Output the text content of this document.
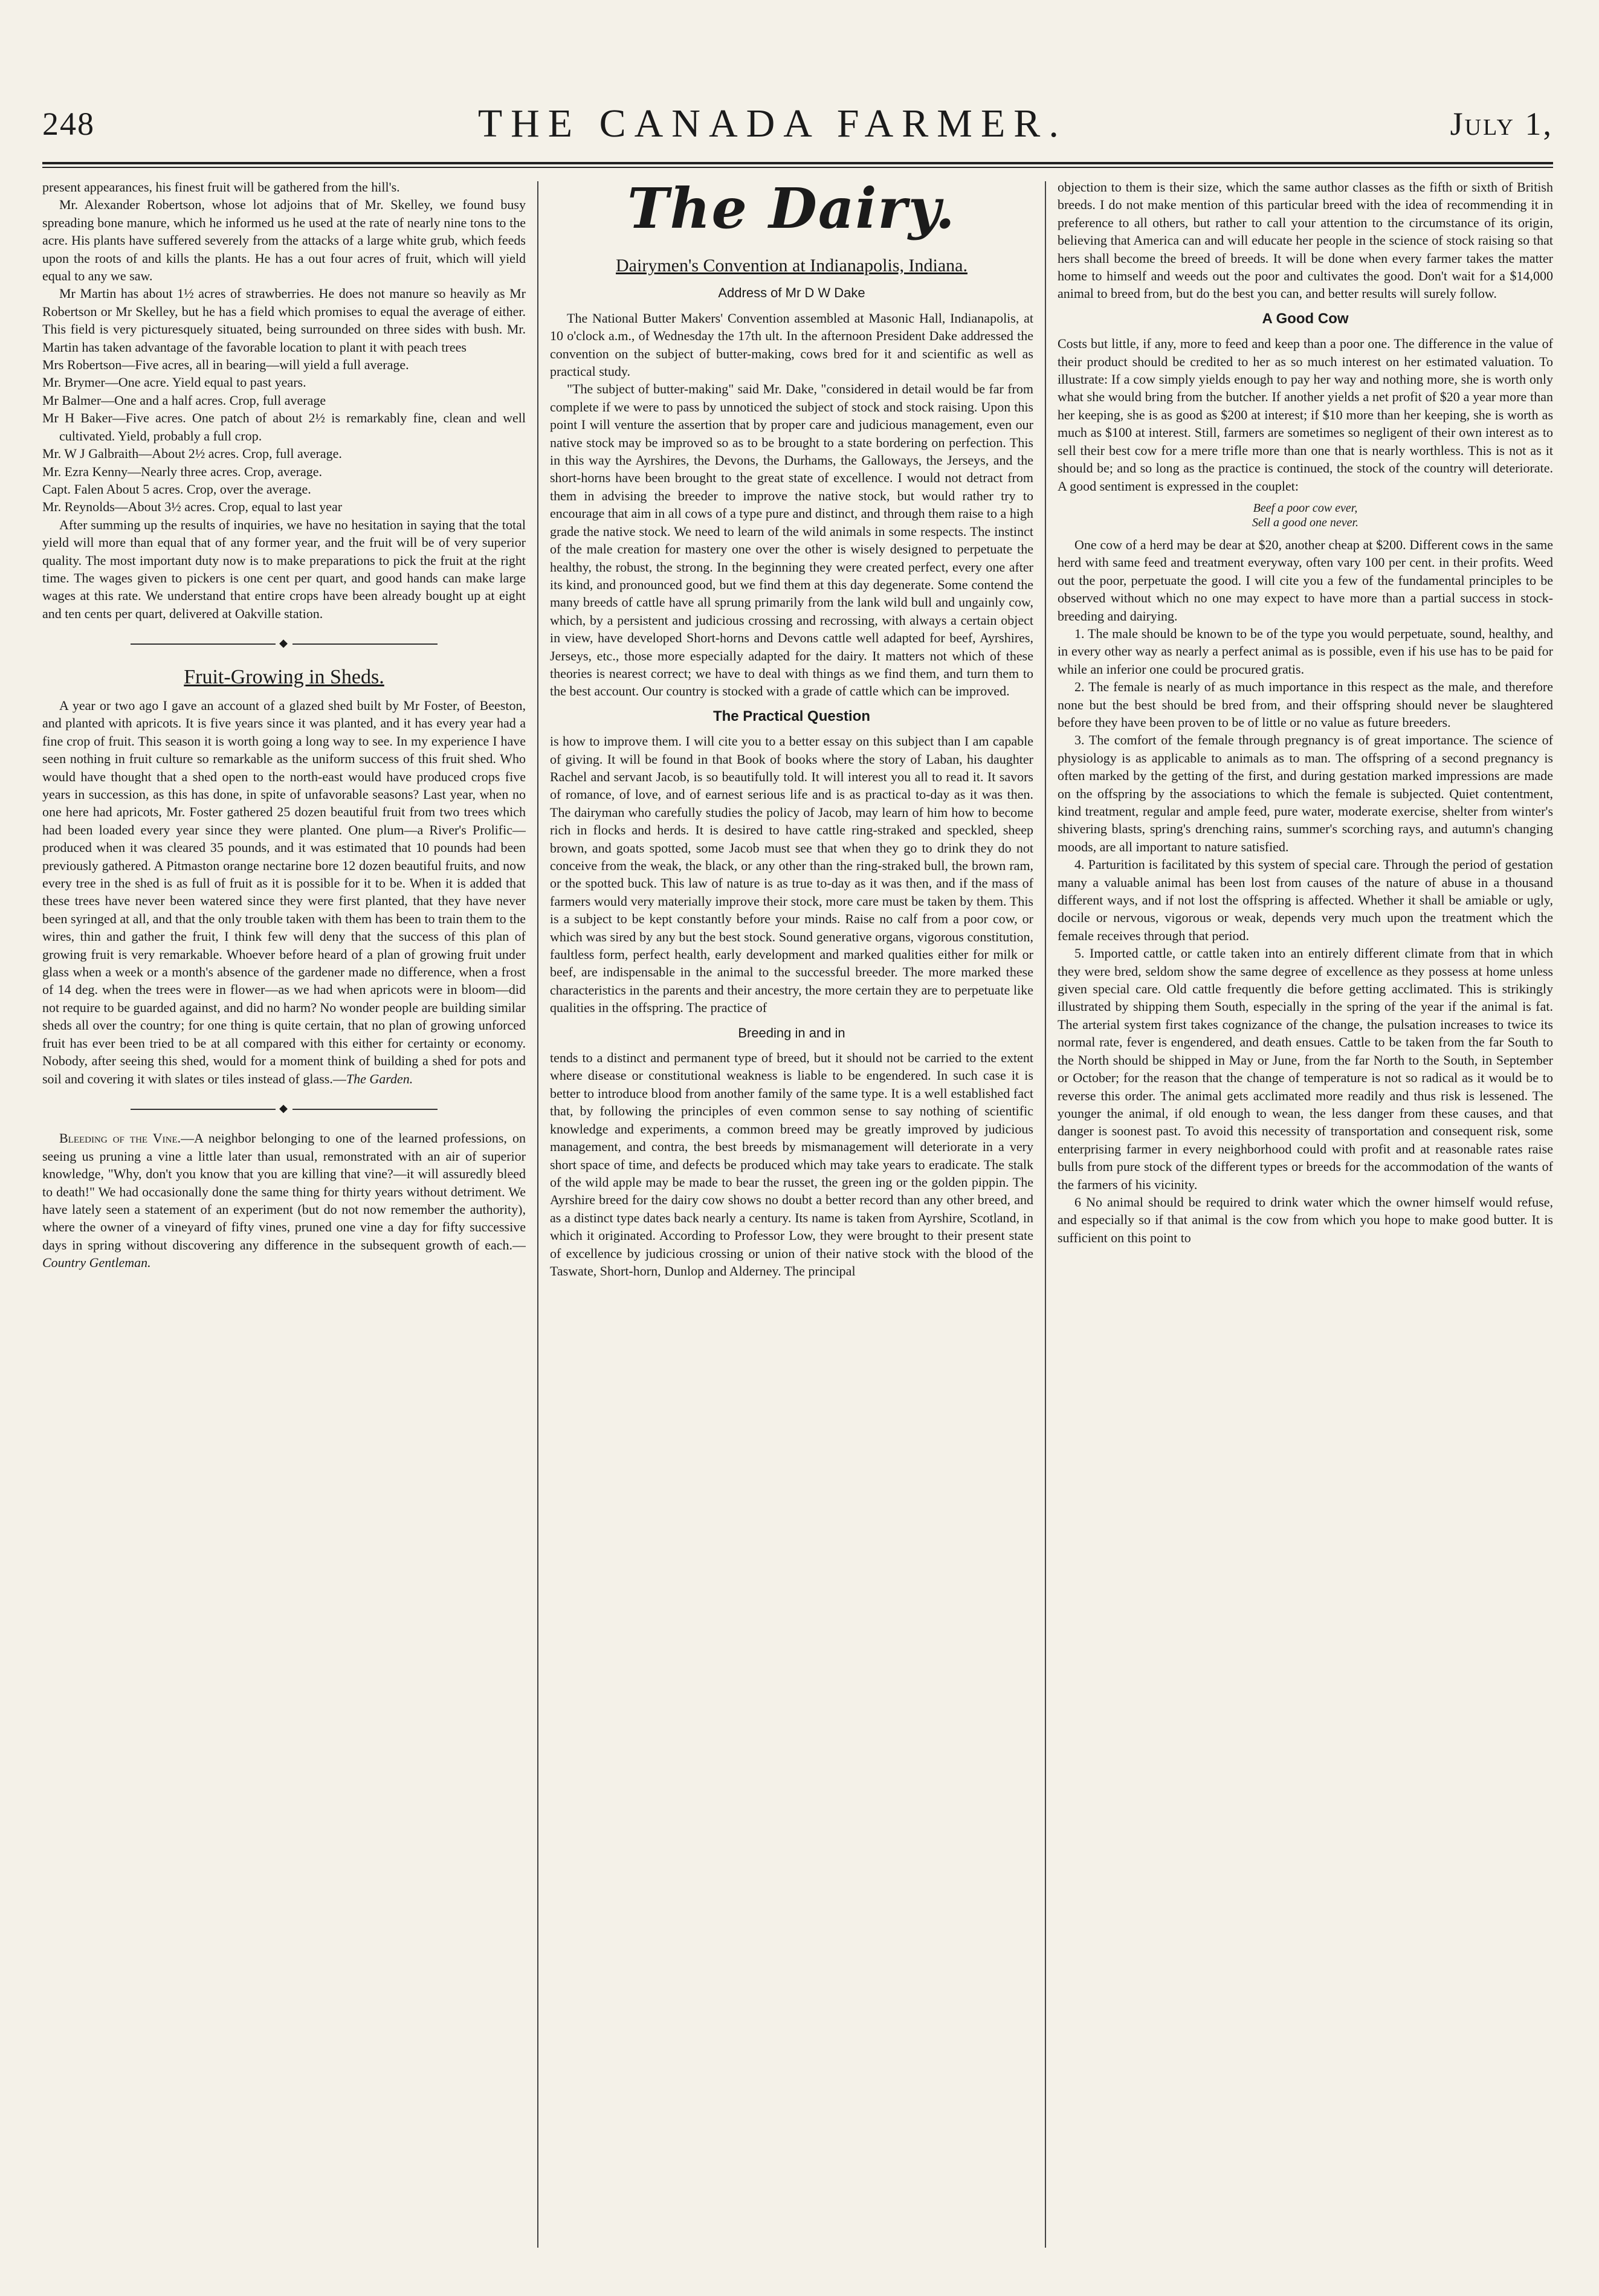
248	THE CANADA FARMER.	July 1,

present appearances, his finest fruit will be gathered from the hill's.

Mr. Alexander Robertson, whose lot adjoins that of Mr. Skelley, we found busy spreading bone manure, which he informed us he used at the rate of nearly nine tons to the acre. His plants have suffered severely from the attacks of a large white grub, which feeds upon the roots of and kills the plants. He has a out four acres of fruit, which will yield equal to any we saw.

Mr Martin has about 1½ acres of strawberries. He does not manure so heavily as Mr Robertson or Mr Skelley, but he has a field which promises to equal the average of either. This field is very picturesquely situated, being surrounded on three sides with bush. Mr. Martin has taken advantage of the favorable location to plant it with peach trees

Mrs Robertson—Five acres, all in bearing—will yield a full average.

Mr. Brymer—One acre. Yield equal to past years.

Mr Balmer—One and a half acres. Crop, full average

Mr H Baker—Five acres. One patch of about 2½ is remarkably fine, clean and well cultivated. Yield, probably a full crop.

Mr. W J Galbraith—About 2½ acres. Crop, full average.

Mr. Ezra Kenny—Nearly three acres. Crop, average.

Capt. Falen About 5 acres. Crop, over the average.

Mr. Reynolds—About 3½ acres. Crop, equal to last year

After summing up the results of inquiries, we have no hesitation in saying that the total yield will more than equal that of any former year, and the fruit will be of very superior quality. The most important duty now is to make preparations to pick the fruit at the right time. The wages given to pickers is one cent per quart, and good hands can make large wages at this rate. We understand that entire crops have been already bought up at eight and ten cents per quart, delivered at Oakville station.

◆
Fruit-Growing in Sheds.

A year or two ago I gave an account of a glazed shed built by Mr Foster, of Beeston, and planted with apricots. It is five years since it was planted, and it has every year had a fine crop of fruit. This season it is worth going a long way to see. In my experience I have seen nothing in fruit culture so remarkable as the uniform success of this fruit shed. Who would have thought that a shed open to the north-east would have produced crops five years in succession, as this has done, in spite of unfavorable seasons? Last year, when no one here had apricots, Mr. Foster gathered 25 dozen beautiful fruit from two trees which had been loaded every year since they were planted. One plum—a River's Prolific—produced when it was cleared 35 pounds, and it was estimated that 10 pounds had been previously gathered. A Pitmaston orange nectarine bore 12 dozen beautiful fruits, and now every tree in the shed is as full of fruit as it is possible for it to be. When it is added that these trees have never been watered since they were first planted, that they have never been syringed at all, and that the only trouble taken with them has been to train them to the wires, thin and gather the fruit, I think few will deny that the success of this plan of growing fruit is very remarkable. Whoever before heard of a plan of growing fruit under glass when a week or a month's absence of the gardener made no difference, when a frost of 14 deg. when the trees were in flower—as we had when apricots were in bloom—did not require to be guarded against, and did no harm? No wonder people are building similar sheds all over the country; for one thing is quite certain, that no plan of growing unforced fruit has ever been tried to be at all compared with this either for certainty or economy. Nobody, after seeing this shed, would for a moment think of building a shed for pots and soil and covering it with slates or tiles instead of glass.—The Garden.

◆

Bleeding of the Vine.—A neighbor belonging to one of the learned professions, on seeing us pruning a vine a little later than usual, remonstrated with an air of superior knowledge, "Why, don't you know that you are killing that vine?—it will assuredly bleed to death!" We had occasionally done the same thing for thirty years without detriment. We have lately seen a statement of an experiment (but do not now remember the authority), where the owner of a vineyard of fifty vines, pruned one vine a day for fifty successive days in spring without discovering any difference in the subsequent growth of each.—Country Gentleman.

The Dairy.
Dairymen's Convention at Indianapolis, Indiana.
Address of Mr D W Dake

The National Butter Makers' Convention assembled at Masonic Hall, Indianapolis, at 10 o'clock a.m., of Wednesday the 17th ult. In the afternoon President Dake addressed the convention on the subject of butter-making, cows bred for it and scientific as well as practical study.

"The subject of butter-making" said Mr. Dake, "considered in detail would be far from complete if we were to pass by unnoticed the subject of stock and stock raising. Upon this point I will venture the assertion that by proper care and judicious management, even our native stock may be improved so as to be brought to a state bordering on perfection. This in this way the Ayrshires, the Devons, the Durhams, the Galloways, the Jerseys, and the short-horns have been brought to the great state of excellence. I would not detract from them in advising the breeder to improve the native stock, but would rather try to encourage that aim in all cows of a type pure and distinct, and through them raise to a high grade the native stock. We need to learn of the wild animals in some respects. The instinct of the male creation for mastery one over the other is wisely designed to perpetuate the healthy, the robust, the strong. In the beginning they were created perfect, every one after its kind, and pronounced good, but we find them at this day degenerate. Some contend the many breeds of cattle have all sprung primarily from the lank wild bull and ungainly cow, which, by a persistent and judicious crossing and recrossing, with always a certain object in view, have developed Short-horns and Devons cattle well adapted for beef, Ayrshires, Jerseys, etc., those more especially adapted for the dairy. It matters not which of these theories is nearest correct; we have to deal with things as we find them, and turn them to the best account. Our country is stocked with a grade of cattle which can be improved.

The Practical Question

is how to improve them. I will cite you to a better essay on this subject than I am capable of giving. It will be found in that Book of books where the story of Laban, his daughter Rachel and servant Jacob, is so beautifully told. It will interest you all to read it. It savors of romance, of love, and of earnest serious life and is as practical to-day as it was then. The dairyman who carefully studies the policy of Jacob, may learn of him how to become rich in flocks and herds. It is desired to have cattle ring-straked and speckled, sheep brown, and goats spotted, some Jacob must see that when they go to drink they do not conceive from the weak, the black, or any other than the ring-straked bull, the brown ram, or the spotted buck. This law of nature is as true to-day as it was then, and if the mass of farmers would very materially improve their stock, more care must be taken by them. This is a subject to be kept constantly before your minds. Raise no calf from a poor cow, or which was sired by any but the best stock. Sound generative organs, vigorous constitution, faultless form, perfect health, early development and marked qualities either for milk or beef, are indispensable in the animal to the successful breeder. The more marked these characteristics in the parents and their ancestry, the more certain they are to perpetuate like qualities in the offspring. The practice of

Breeding in and in

tends to a distinct and permanent type of breed, but it should not be carried to the extent where disease or constitutional weakness is liable to be engendered. In such case it is better to introduce blood from another family of the same type. It is a well established fact that, by following the principles of even common sense to say nothing of scientific knowledge and experiments, a common breed may be greatly improved by judicious management, and contra, the best breeds by mismanagement will deteriorate in a very short space of time, and defects be produced which may take years to eradicate. The stalk of the wild apple may be made to bear the russet, the green ing or the golden pippin. The Ayrshire breed for the dairy cow shows no doubt a better record than any other breed, and as a distinct type dates back nearly a century. Its name is taken from Ayrshire, Scotland, in which it originated. According to Professor Low, they were brought to their present state of excellence by judicious crossing or union of their native stock with the blood of the Taswate, Short-horn, Dunlop and Alderney. The principal

objection to them is their size, which the same author classes as the fifth or sixth of British breeds. I do not make mention of this particular breed with the idea of recommending it in preference to all others, but rather to call your attention to the circumstance of its origin, believing that America can and will educate her people in the science of stock raising so that hers shall become the breed of breeds. It will be done when every farmer takes the matter home to himself and weeds out the poor and cultivates the good. Don't wait for a $14,000 animal to breed from, but do the best you can, and better results will surely follow.

A Good Cow

Costs but little, if any, more to feed and keep than a poor one. The difference in the value of their product should be credited to her as so much interest on her estimated valuation. To illustrate: If a cow simply yields enough to pay her way and nothing more, she is worth only what she would bring from the butcher. If another yields a net profit of $20 a year more than her keeping, she is as good as $200 at interest; if $10 more than her keeping, she is worth as much as $100 at interest. Still, farmers are sometimes so negligent of their own interest as to sell their best cow for a mere trifle more than one that is nearly worthless. This is not as it should be; and so long as the practice is continued, the stock of the country will deteriorate. A good sentiment is expressed in the couplet:

Beef a poor cow ever,
Sell a good one never.

One cow of a herd may be dear at $20, another cheap at $200. Different cows in the same herd with same feed and treatment everyway, often vary 100 per cent. in their profits. Weed out the poor, perpetuate the good. I will cite you a few of the fundamental principles to be observed without which no one may expect to have more than a partial success in stock-breeding and dairying.

1. The male should be known to be of the type you would perpetuate, sound, healthy, and in every other way as nearly a perfect animal as is possible, even if his use has to be paid for while an inferior one could be procured gratis.

2. The female is nearly of as much importance in this respect as the male, and therefore none but the best should be bred from, and their offspring should never be slaughtered before they have been proven to be of little or no value as future breeders.

3. The comfort of the female through pregnancy is of great importance. The science of physiology is as applicable to animals as to man. The offspring of a second pregnancy is often marked by the getting of the first, and during gestation marked impressions are made on the offspring by the associations to which the female is subjected. Quiet contentment, kind treatment, regular and ample feed, pure water, moderate exercise, shelter from winter's shivering blasts, spring's drenching rains, summer's scorching rays, and autumn's changing moods, are all important to nature satisfied.

4. Parturition is facilitated by this system of special care. Through the period of gestation many a valuable animal has been lost from causes of the nature of abuse in a thousand different ways, and if not lost the offspring is affected. Whether it shall be amiable or ugly, docile or nervous, vigorous or weak, depends very much upon the treatment which the female receives through that period.

5. Imported cattle, or cattle taken into an entirely different climate from that in which they were bred, seldom show the same degree of excellence as they possess at home unless given special care. Old cattle frequently die before getting acclimated. This is strikingly illustrated by shipping them South, especially in the spring of the year if the animal is fat. The arterial system first takes cognizance of the change, the pulsation increases to twice its normal rate, fever is engendered, and death ensues. Cattle to be taken from the far South to the North should be shipped in May or June, from the far North to the South, in September or October; for the reason that the change of temperature is not so radical as it would be to reverse this order. The animal gets acclimated more readily and thus risk is lessened. The younger the animal, if old enough to wean, the less danger from these causes, and that danger is soonest past. To avoid this necessity of transportation and consequent risk, some enterprising farmer in every neighborhood could with profit and at reasonable rates raise bulls from pure stock of the different types or breeds for the accommodation of the wants of the farmers of his vicinity.

6 No animal should be required to drink water which the owner himself would refuse, and especially so if that animal is the cow from which you hope to make good butter. It is sufficient on this point to
